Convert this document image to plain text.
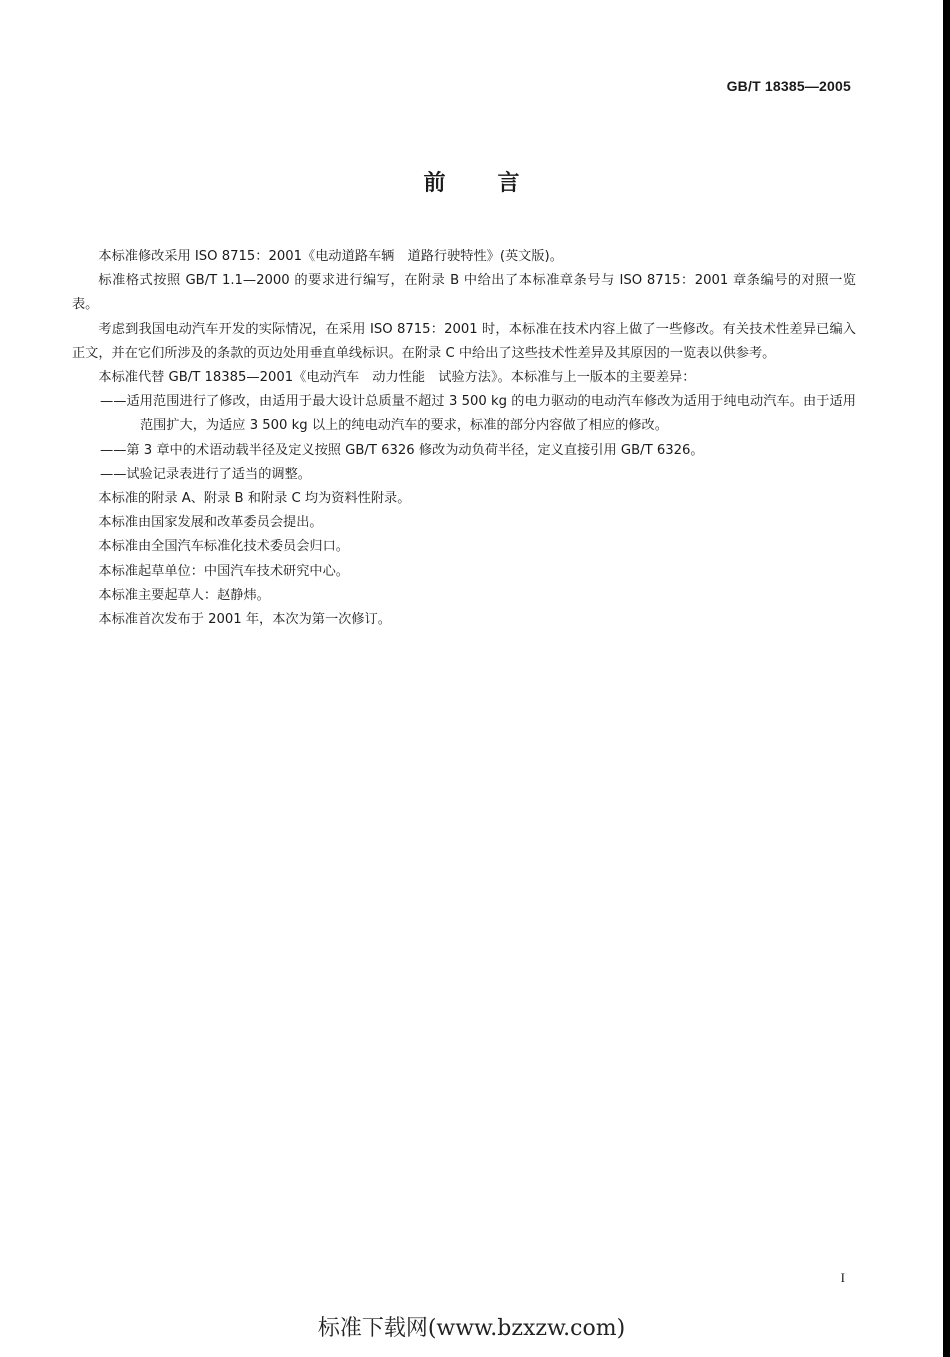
GB/T 18385—2005
前言

本标准修改采用 ISO 8715：2001《电动道路车辆　道路行驶特性》(英文版)。

标准格式按照 GB/T 1.1—2000 的要求进行编写，在附录 B 中给出了本标准章条号与 ISO 8715：2001 章条编号的对照一览表。

考虑到我国电动汽车开发的实际情况，在采用 ISO 8715：2001 时，本标准在技术内容上做了一些修改。有关技术性差异已编入正文，并在它们所涉及的条款的页边处用垂直单线标识。在附录 C 中给出了这些技术性差异及其原因的一览表以供参考。

本标准代替 GB/T 18385—2001《电动汽车　动力性能　试验方法》。本标准与上一版本的主要差异：

——适用范围进行了修改，由适用于最大设计总质量不超过 3 500 kg 的电力驱动的电动汽车修改为适用于纯电动汽车。由于适用范围扩大，为适应 3 500 kg 以上的纯电动汽车的要求，标准的部分内容做了相应的修改。

——第 3 章中的术语动载半径及定义按照 GB/T 6326 修改为动负荷半径，定义直接引用 GB/T 6326。

——试验记录表进行了适当的调整。

本标准的附录 A、附录 B 和附录 C 均为资料性附录。

本标准由国家发展和改革委员会提出。

本标准由全国汽车标准化技术委员会归口。

本标准起草单位：中国汽车技术研究中心。

本标准主要起草人：赵静炜。

本标准首次发布于 2001 年，本次为第一次修订。

I
标准下载网(www.bzxzw.com)
